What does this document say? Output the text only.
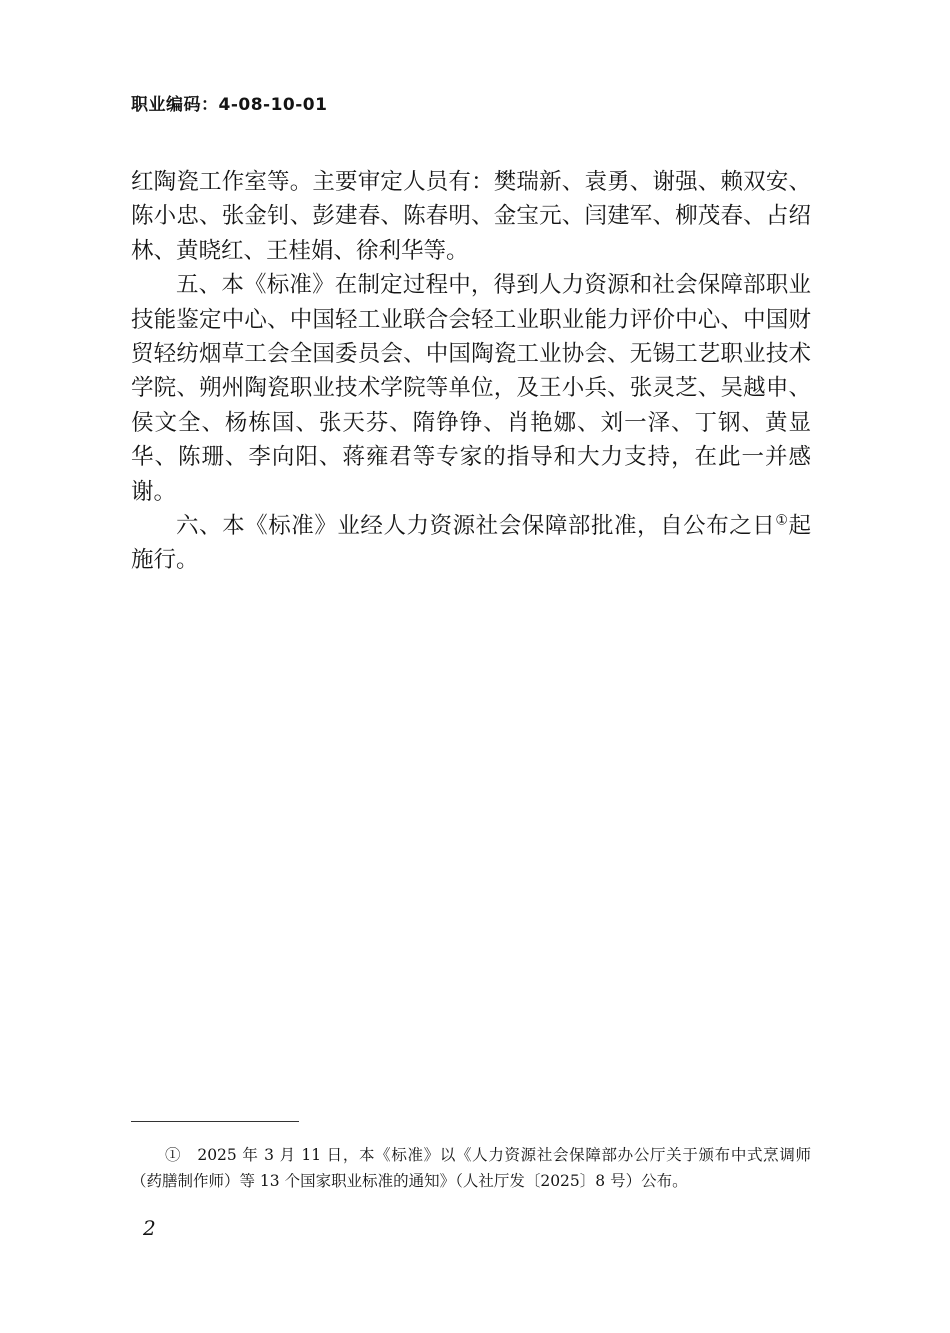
职业编码：4-08-10-01

红陶瓷工作室等。主要审定人员有：樊瑞新、袁勇、谢强、赖双安、陈小忠、张金钊、彭建春、陈春明、金宝元、闫建军、柳茂春、占绍林、黄晓红、王桂娟、徐利华等。

五、本《标准》在制定过程中，得到人力资源和社会保障部职业技能鉴定中心、中国轻工业联合会轻工业职业能力评价中心、中国财贸轻纺烟草工会全国委员会、中国陶瓷工业协会、无锡工艺职业技术学院、朔州陶瓷职业技术学院等单位，及王小兵、张灵芝、吴越申、侯文全、杨栋国、张天芬、隋铮铮、肖艳娜、刘一泽、丁钢、黄显华、陈珊、李向阳、蒋雍君等专家的指导和大力支持，在此一并感谢。

六、本《标准》业经人力资源社会保障部批准，自公布之日①起施行。

①　2025 年 3 月 11 日，本《标准》以《人力资源社会保障部办公厅关于颁布中式烹调师（药膳制作师）等 13 个国家职业标准的通知》（人社厅发〔2025〕8 号）公布。

2
